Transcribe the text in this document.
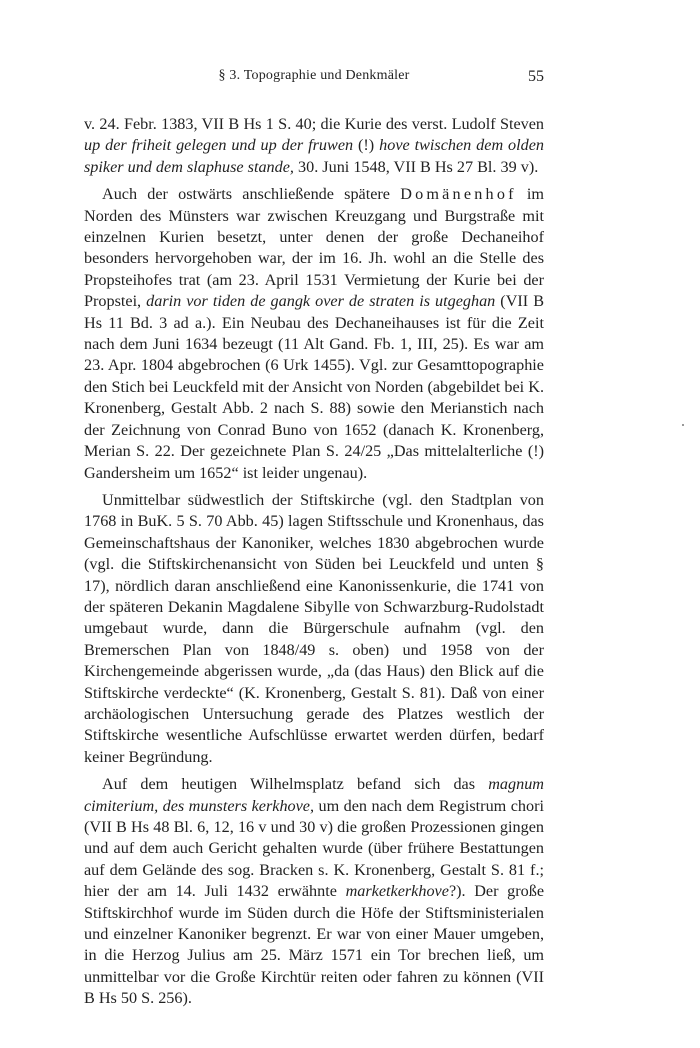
§ 3. Topographie und Denkmäler	55

v. 24. Febr. 1383, VII B Hs 1 S. 40; die Kurie des verst. Ludolf Steven up der friheit gelegen und up der fruwen (!) hove twischen dem olden spiker und dem slaphuse stande, 30. Juni 1548, VII B Hs 27 Bl. 39 v).

Auch der ostwärts anschließende spätere Domänenhof im Norden des Münsters war zwischen Kreuzgang und Burgstraße mit einzelnen Kurien besetzt, unter denen der große Dechaneihof besonders hervorgehoben war, der im 16. Jh. wohl an die Stelle des Propsteihofes trat (am 23. April 1531 Vermietung der Kurie bei der Propstei, darin vor tiden de gangk over de straten is utgeghan (VII B Hs 11 Bd. 3 ad a.). Ein Neubau des Dechaneihauses ist für die Zeit nach dem Juni 1634 bezeugt (11 Alt Gand. Fb. 1, III, 25). Es war am 23. Apr. 1804 abgebrochen (6 Urk 1455). Vgl. zur Gesamttopographie den Stich bei Leuckfeld mit der Ansicht von Norden (abgebildet bei K. Kronenberg, Gestalt Abb. 2 nach S. 88) sowie den Merianstich nach der Zeichnung von Conrad Buno von 1652 (danach K. Kronenberg, Merian S. 22. Der gezeichnete Plan S. 24/25 „Das mittelalterliche (!) Gandersheim um 1652“ ist leider ungenau).

Unmittelbar südwestlich der Stiftskirche (vgl. den Stadtplan von 1768 in BuK. 5 S. 70 Abb. 45) lagen Stiftsschule und Kronenhaus, das Gemeinschaftshaus der Kanoniker, welches 1830 abgebrochen wurde (vgl. die Stiftskirchenansicht von Süden bei Leuckfeld und unten § 17), nördlich daran anschließend eine Kanonissenkurie, die 1741 von der späteren Dekanin Magdalene Sibylle von Schwarzburg-Rudolstadt umgebaut wurde, dann die Bürgerschule aufnahm (vgl. den Bremerschen Plan von 1848/49 s. oben) und 1958 von der Kirchengemeinde abgerissen wurde, „da (das Haus) den Blick auf die Stiftskirche verdeckte“ (K. Kronenberg, Gestalt S. 81). Daß von einer archäologischen Untersuchung gerade des Platzes westlich der Stiftskirche wesentliche Aufschlüsse erwartet werden dürfen, bedarf keiner Begründung.

Auf dem heutigen Wilhelmsplatz befand sich das magnum cimiterium, des munsters kerkhove, um den nach dem Registrum chori (VII B Hs 48 Bl. 6, 12, 16 v und 30 v) die großen Prozessionen gingen und auf dem auch Gericht gehalten wurde (über frühere Bestattungen auf dem Gelände des sog. Bracken s. K. Kronenberg, Gestalt S. 81 f.; hier der am 14. Juli 1432 erwähnte marketkerkhove?). Der große Stiftskirchhof wurde im Süden durch die Höfe der Stiftsministerialen und einzelner Kanoniker begrenzt. Er war von einer Mauer umgeben, in die Herzog Julius am 25. März 1571 ein Tor brechen ließ, um unmittelbar vor die Große Kirchtür reiten oder fahren zu können (VII B Hs 50 S. 256).
